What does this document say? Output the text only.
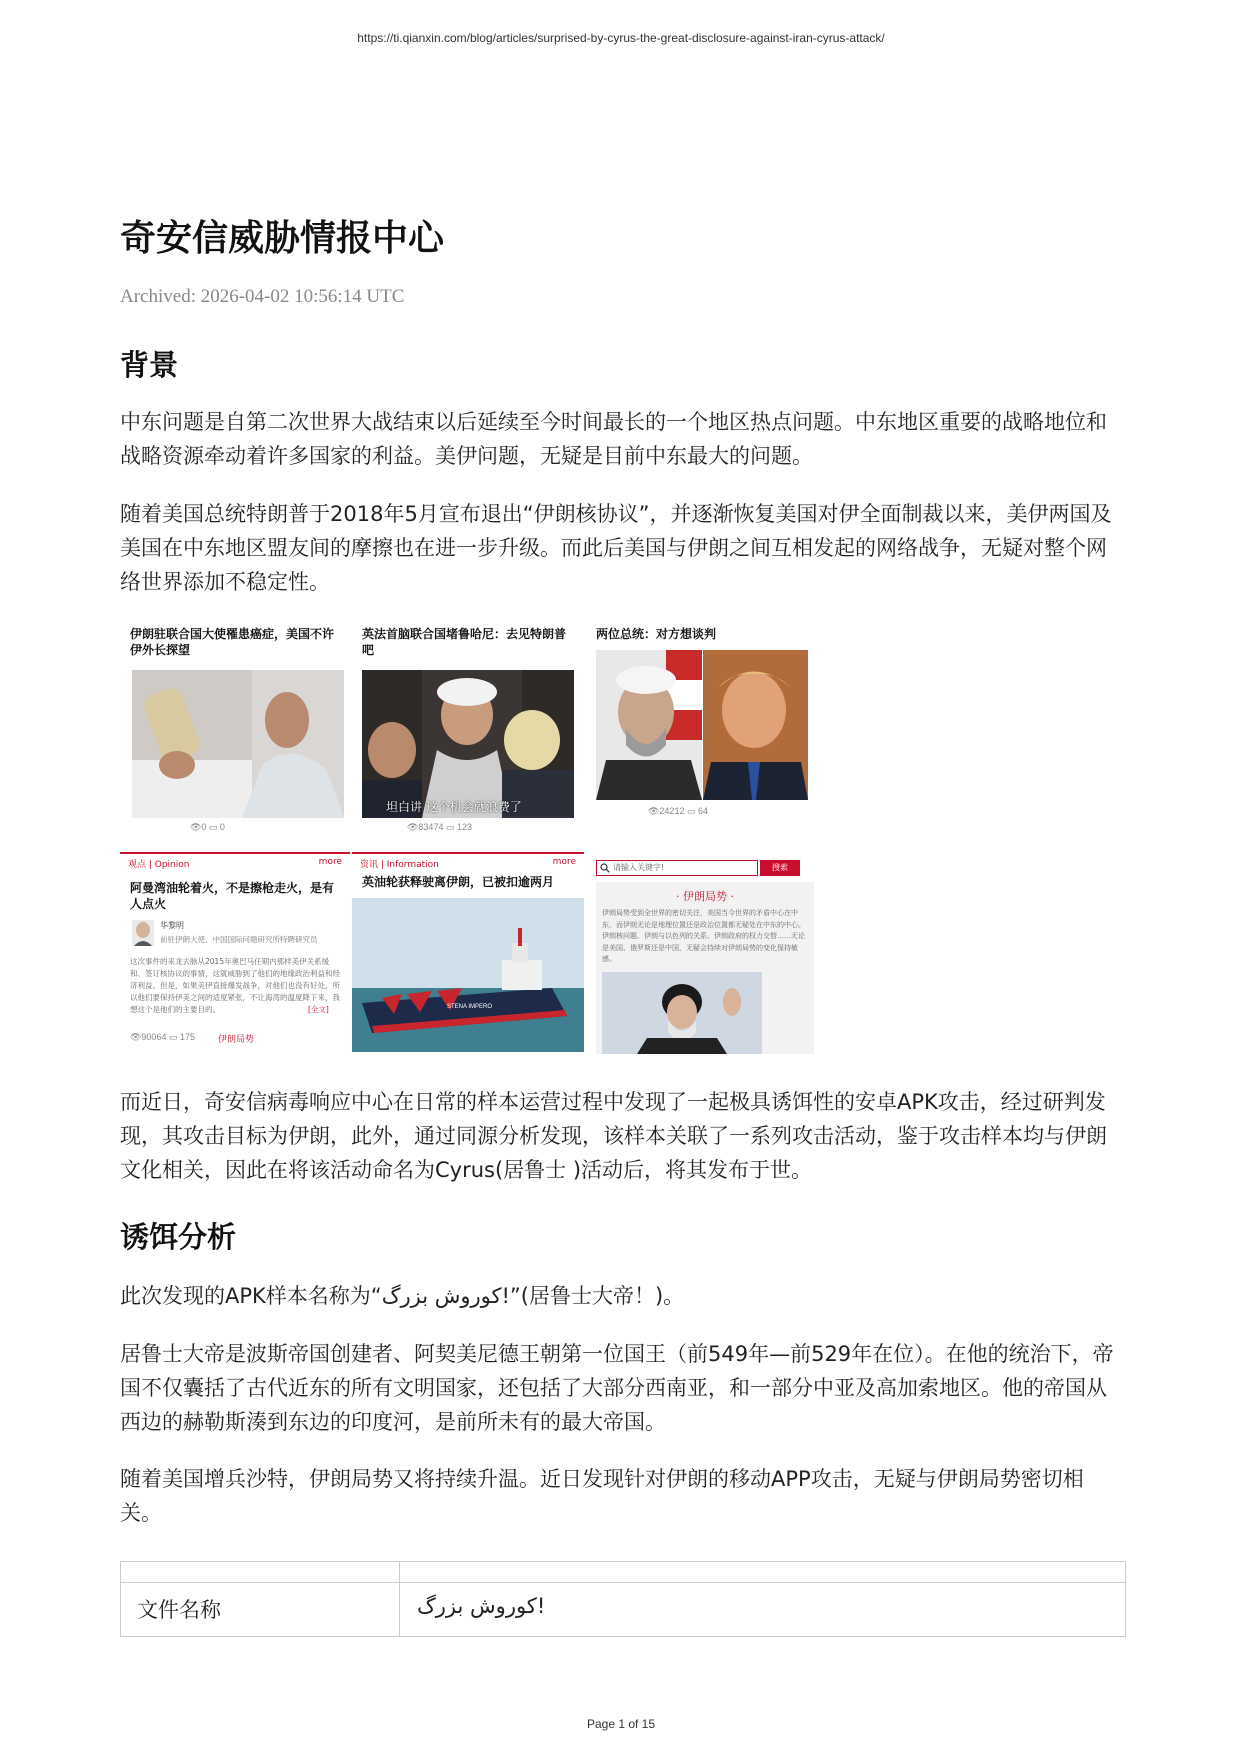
https://ti.qianxin.com/blog/articles/surprised-by-cyrus-the-great-disclosure-against-iran-cyrus-attack/
奇安信威胁情报中心
Archived: 2026-04-02 10:56:14 UTC
背景

中东问题是自第二次世界大战结束以后延续至今时间最长的一个地区热点问题。中东地区重要的战略地位和战略资源牵动着许多国家的利益。美伊问题，无疑是目前中东最大的问题。

随着美国总统特朗普于2018年5月宣布退出“伊朗核协议”，并逐渐恢复美国对伊全面制裁以来，美伊两国及美国在中东地区盟友间的摩擦也在进一步升级。而此后美国与伊朗之间互相发起的网络战争，无疑对整个网络世界添加不稳定性。

伊朗驻联合国大使罹患癌症，美国不许伊外长探望
👁0 ▭ 0
英法首脑联合国堵鲁哈尼：去见特朗普吧
坦白讲 这个机会就浪费了
👁83474 ▭ 123
两位总统：对方想谈判
👁24212 ▭ 64
观点 | Opinion	more
阿曼湾油轮着火，不是擦枪走火，是有人点火
华黎明
前驻伊朗大使、中国国际问题研究所特聘研究员
这次事件的来龙去脉从2015年奥巴马任期内那样美伊关系缓和、签订核协议的事情，这就威胁到了他们的地缘政治利益和经济利益。但是，如果美伊直接爆发战争，对他们也没有好处，所以他们要保持伊美之间的适度紧张，不让海湾的温度降下来，我想这个是他们的主要目的。	[全文]
👁90064 ▭ 175	伊朗局势
资讯 | Information	more
英油轮获释驶离伊朗，已被扣逾两月
STENA IMPERO
请输入关键字!	搜索
· 伊朗局势 ·
伊朗局势受到全世界的密切关注，美国当今世界的矛盾中心在中东，而伊朗无论是地理位置还是政治位置都无疑处在中东的中心。伊朗核问题、伊朗与以色列的关系、伊朗政府的权力交替……无论是美国、俄罗斯还是中国，无疑会持续对伊朗局势的变化保持敏感。

而近日，奇安信病毒响应中心在日常的样本运营过程中发现了一起极具诱饵性的安卓APK攻击，经过研判发现，其攻击目标为伊朗，此外，通过同源分析发现，该样本关联了一系列攻击活动，鉴于攻击样本均与伊朗文化相关，因此在将该活动命名为Cyrus(居鲁士 )活动后，将其发布于世。

诱饵分析

此次发现的APK样本名称为“کوروش بزرگ!”(居鲁士大帝！)。

居鲁士大帝是波斯帝国创建者、阿契美尼德王朝第一位国王（前549年—前529年在位）。在他的统治下，帝国不仅囊括了古代近东的所有文明国家，还包括了大部分西南亚，和一部分中亚及高加索地区。他的帝国从西边的赫勒斯湊到东边的印度河，是前所未有的最大帝国。

随着美国增兵沙特，伊朗局势又将持续升温。近日发现针对伊朗的移动APP攻击，无疑与伊朗局势密切相关。

文件名称	کوروش بزرگ!
Page 1 of 15
